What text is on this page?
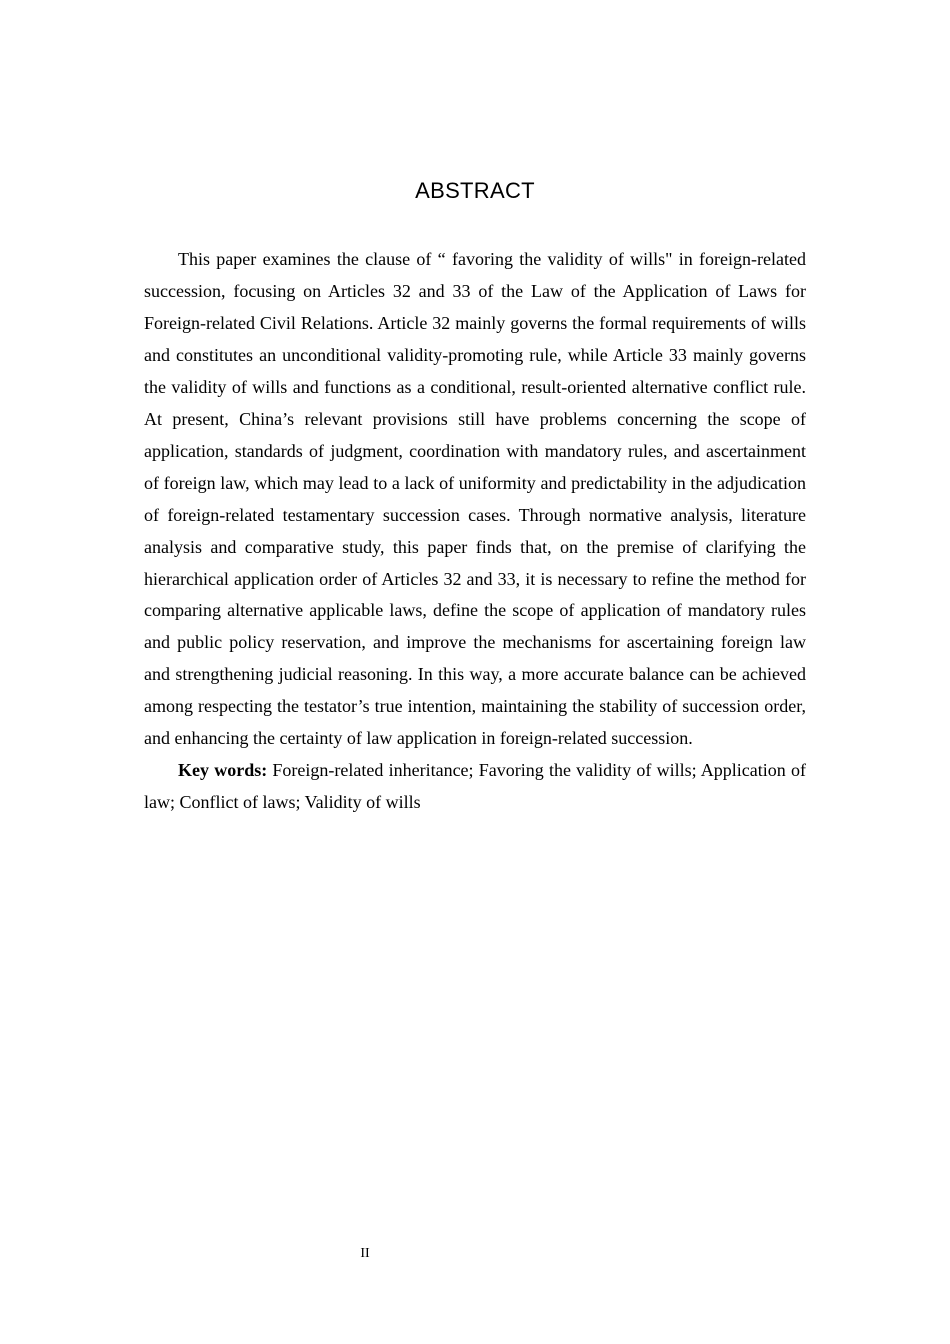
ABSTRACT

This paper examines the clause of “ favoring the validity of wills" in foreign-related succession, focusing on Articles 32 and 33 of the Law of the Application of Laws for Foreign-related Civil Relations. Article 32 mainly governs the formal requirements of wills and constitutes an unconditional validity-promoting rule, while Article 33 mainly governs the validity of wills and functions as a conditional, result-oriented alternative conflict rule. At present, China’s relevant provisions still have problems concerning the scope of application, standards of judgment, coordination with mandatory rules, and ascertainment of foreign law, which may lead to a lack of uniformity and predictability in the adjudication of foreign-related testamentary succession cases. Through normative analysis, literature analysis and comparative study, this paper finds that, on the premise of clarifying the hierarchical application order of Articles 32 and 33, it is necessary to refine the method for comparing alternative applicable laws, define the scope of application of mandatory rules and public policy reservation, and improve the mechanisms for ascertaining foreign law and strengthening judicial reasoning. In this way, a more accurate balance can be achieved among respecting the testator’s true intention, maintaining the stability of succession order, and enhancing the certainty of law application in foreign-related succession.

Key words: Foreign-related inheritance; Favoring the validity of wills; Application of law; Conflict of laws; Validity of wills

II
